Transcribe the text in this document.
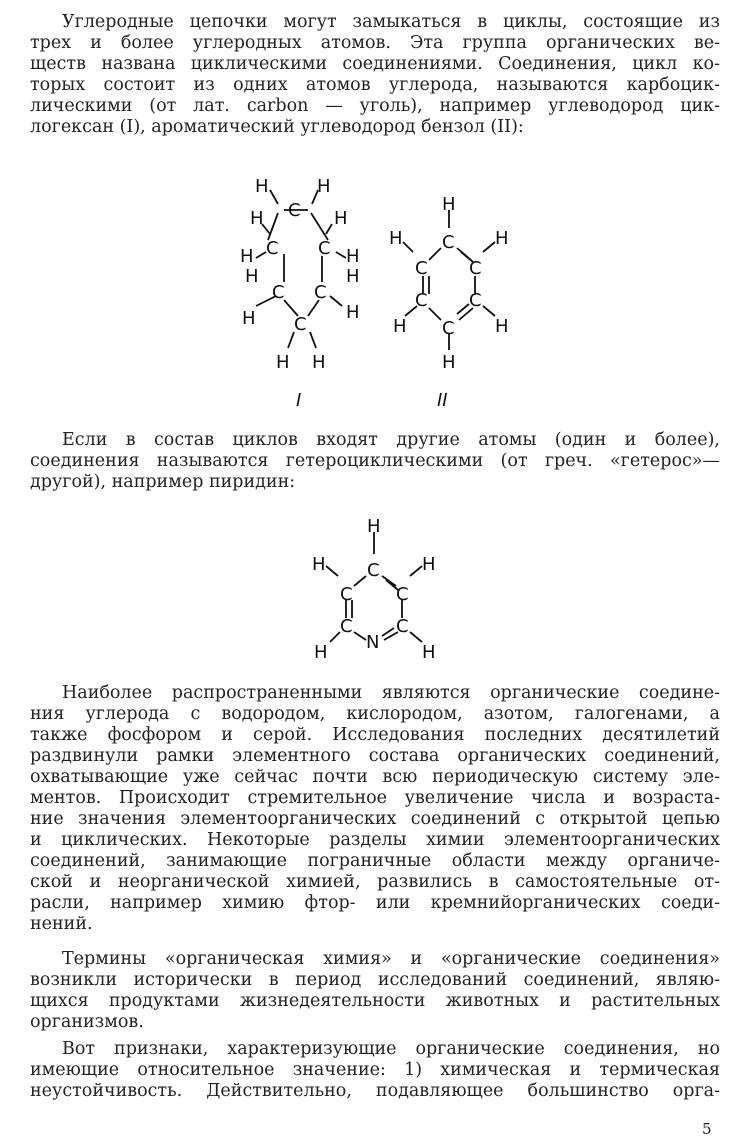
Углеродные цепочки могут замыкаться в циклы, состоящие из
трех и более углеродных атомов. Эта группа органических ве-
ществ названа циклическими соединениями. Соединения, цикл ко-
торых состоит из одних атомов углерода, называются карбоцик-
лическими (от лат. carbon — уголь), например углеводород цик-
логексан (I), ароматический углеводород бензол (II):

H	H
C
H	H
C C
H	H
H	H
C C
H	H
C
H H
I
H
C
H	H
C C
C C
H	H
C
H
II

Если в состав циклов входят другие атомы (один и более),
соединения называются гетероциклическими (от греч. «гетерос»—
другой), например пиридин:

H
C
H	H
C C
C C
N
H	H

Наиболее распространенными являются органические соедине-
ния углерода с водородом, кислородом, азотом, галогенами, а
также фосфором и серой. Исследования последних десятилетий
раздвинули рамки элементного состава органических соединений,
охватывающие уже сейчас почти всю периодическую систему эле-
ментов. Происходит стремительное увеличение числа и возраста-
ние значения элементоорганических соединений с открытой цепью
и циклических. Некоторые разделы химии элементоорганических
соединений, занимающие пограничные области между органиче-
ской и неорганической химией, развились в самостоятельные от-
расли, например химию фтор- или кремнийорганических соеди-
нений.

Термины «органическая химия» и «органические соединения»
возникли исторически в период исследований соединений, являю-
щихся продуктами жизнедеятельности животных и растительных
организмов.

Вот признаки, характеризующие органические соединения, но
имеющие относительное значение: 1) химическая и термическая
неустойчивость. Действительно, подавляющее большинство орга-

5
